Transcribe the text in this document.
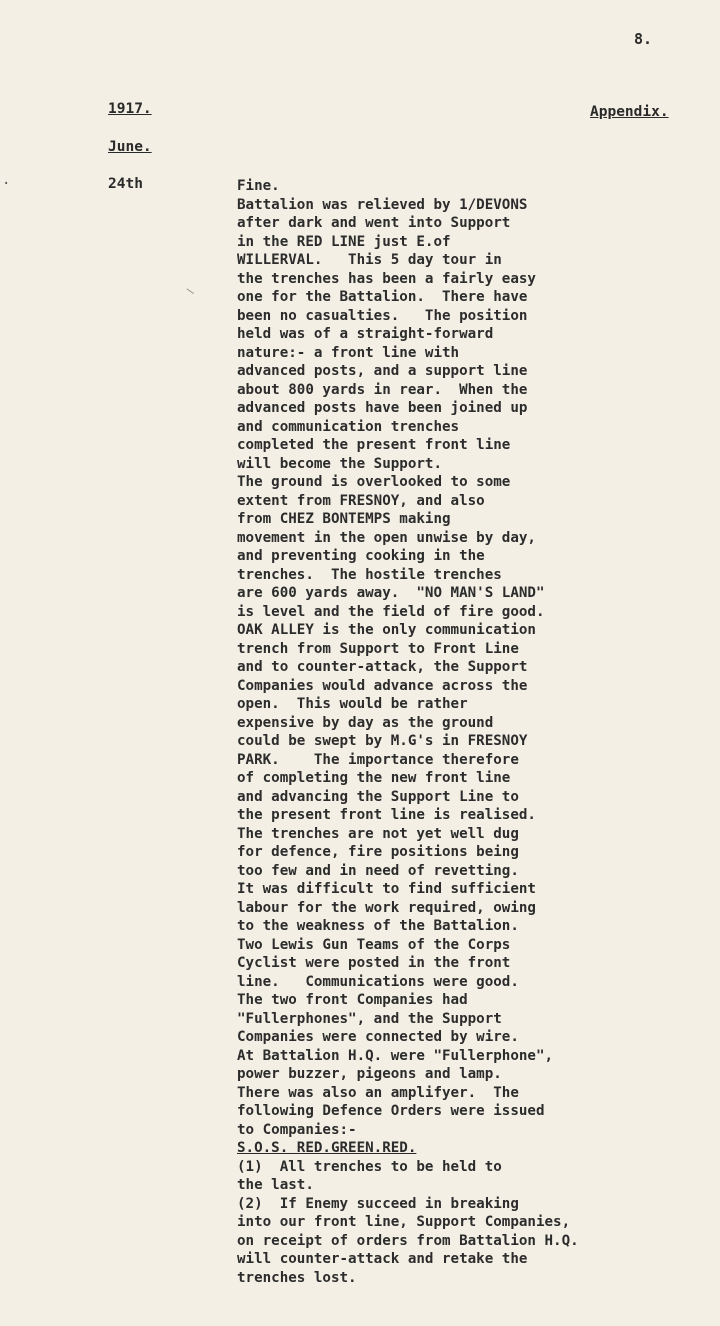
8.
1917.	Appendix.
June.
24th
—
·	Fine.
Battalion was relieved by 1/DEVONS
after dark and went into Support
in the RED LINE just E.of
WILLERVAL.   This 5 day tour in
the trenches has been a fairly easy
one for the Battalion.  There have
been no casualties.   The position
held was of a straight-forward
nature:- a front line with
advanced posts, and a support line
about 800 yards in rear.  When the
advanced posts have been joined up
and communication trenches
completed the present front line
will become the Support.
The ground is overlooked to some
extent from FRESNOY, and also
from CHEZ BONTEMPS making
movement in the open unwise by day,
and preventing cooking in the
trenches.  The hostile trenches
are 600 yards away.  "NO MAN'S LAND"
is level and the field of fire good.
OAK ALLEY is the only communication
trench from Support to Front Line
and to counter-attack, the Support
Companies would advance across the
open.  This would be rather
expensive by day as the ground
could be swept by M.G's in FRESNOY
PARK.    The importance therefore
of completing the new front line
and advancing the Support Line to
the present front line is realised.
The trenches are not yet well dug
for defence, fire positions being
too few and in need of revetting.
It was difficult to find sufficient
labour for the work required, owing
to the weakness of the Battalion.
Two Lewis Gun Teams of the Corps
Cyclist were posted in the front
line.   Communications were good.
The two front Companies had
"Fullerphones", and the Support
Companies were connected by wire.
At Battalion H.Q. were "Fullerphone",
power buzzer, pigeons and lamp.
There was also an amplifyer.  The
following Defence Orders were issued
to Companies:-
S.O.S. RED.GREEN.RED.
(1)  All trenches to be held to
the last.
(2)  If Enemy succeed in breaking
into our front line, Support Companies,
on receipt of orders from Battalion H.Q.
will counter-attack and retake the
trenches lost.
